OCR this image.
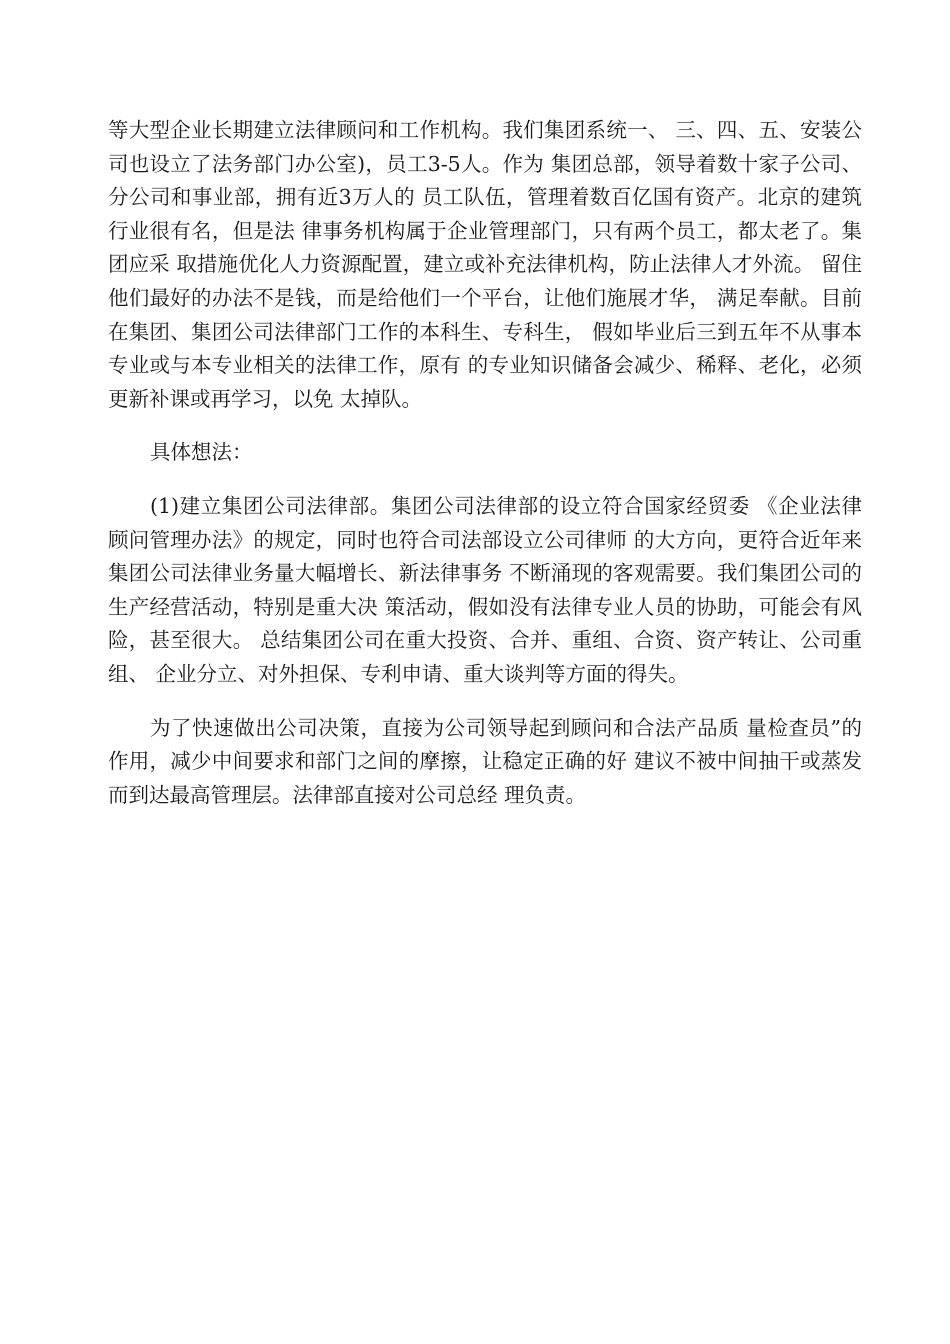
等大型企业长期建立法律顾问和工作机构。我们集团系统一、 三、四、五、安装公司也设立了法务部门办公室)，员工3-5人。作为 集团总部，领导着数十家子公司、分公司和事业部，拥有近3万人的 员工队伍，管理着数百亿国有资产。北京的建筑行业很有名，但是法 律事务机构属于企业管理部门，只有两个员工，都太老了。集团应采 取措施优化人力资源配置，建立或补充法律机构，防止法律人才外流。 留住他们最好的办法不是钱，而是给他们一个平台，让他们施展才华， 满足奉献。目前在集团、集团公司法律部门工作的本科生、专科生， 假如毕业后三到五年不从事本专业或与本专业相关的法律工作，原有 的专业知识储备会减少、稀释、老化，必须更新补课或再学习，以免 太掉队。

具体想法：

(1)建立集团公司法律部。集团公司法律部的设立符合国家经贸委 《企业法律顾问管理办法》的规定，同时也符合司法部设立公司律师 的大方向，更符合近年来集团公司法律业务量大幅增长、新法律事务 不断涌现的客观需要。我们集团公司的生产经营活动，特别是重大决 策活动，假如没有法律专业人员的协助，可能会有风险，甚至很大。 总结集团公司在重大投资、合并、重组、合资、资产转让、公司重组、 企业分立、对外担保、专利申请、重大谈判等方面的得失。

为了快速做出公司决策，直接为公司领导起到顾问和合法产品质 量检查员”的作用，减少中间要求和部门之间的摩擦，让稳定正确的好 建议不被中间抽干或蒸发而到达最高管理层。法律部直接对公司总经 理负责。
